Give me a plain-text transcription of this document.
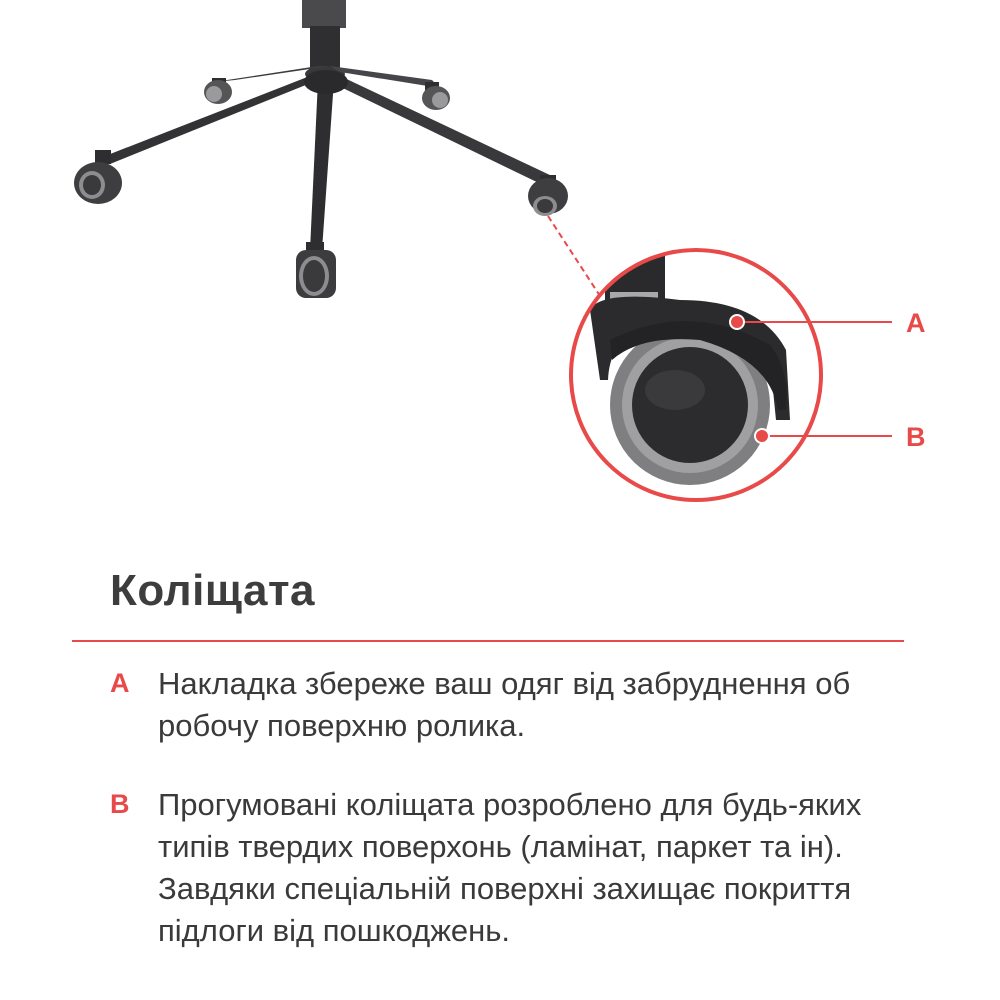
A
B
Коліщата
A Накладка збереже ваш одяг від забруднення об робочу поверхню ролика.

B Прогумовані коліщата розроблено для будь-яких типів твердих поверхонь (ламінат, паркет та ін). Завдяки спеціальній поверхні захищає покриття підлоги від пошкоджень.
